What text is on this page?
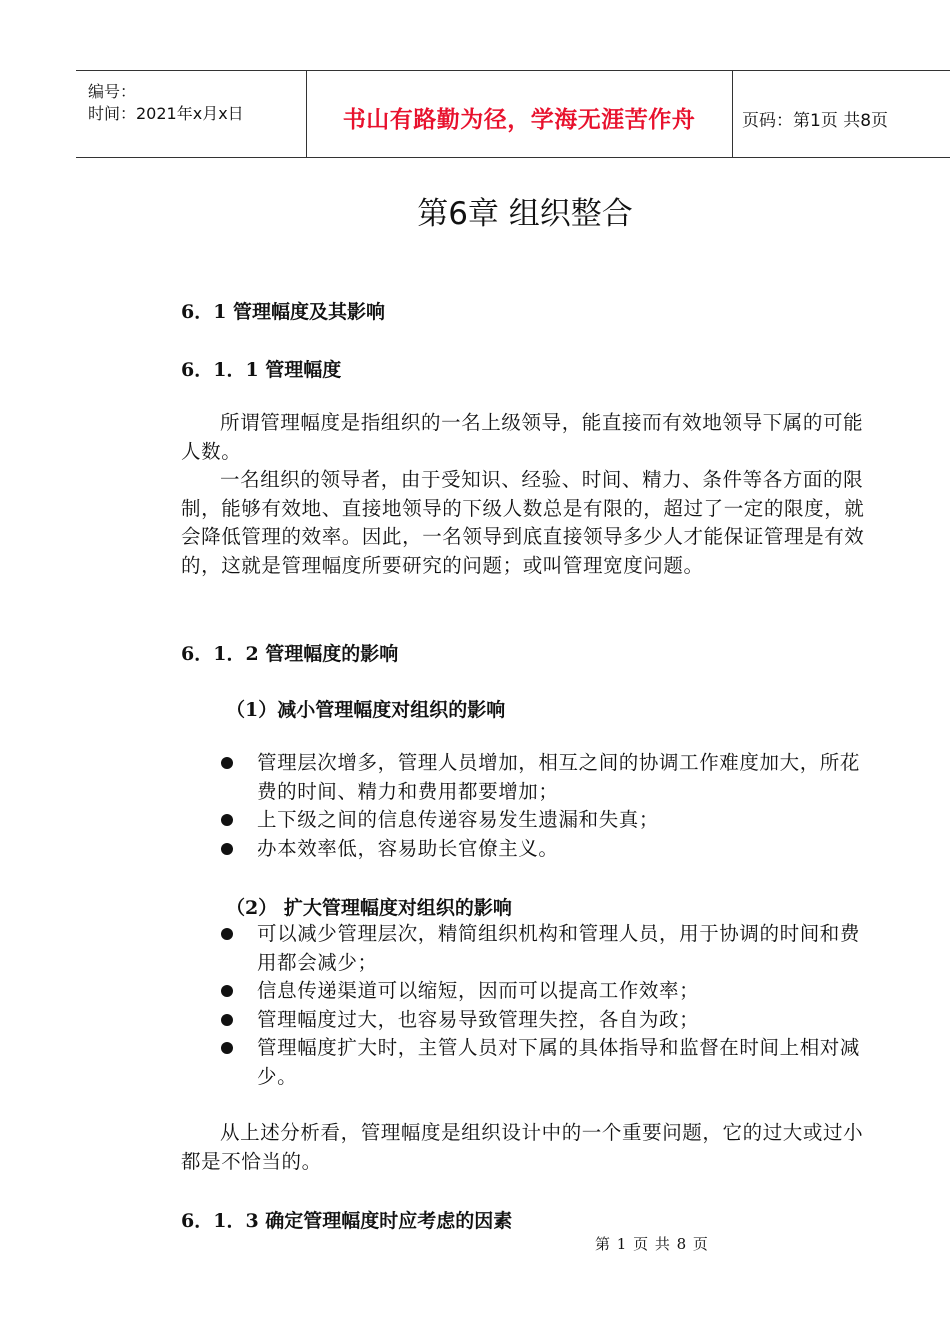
编号：
时间：2021年x月x日	书山有路勤为径，学海无涯苦作舟	页码：第1页 共8页
第6章 组织整合
6．1 管理幅度及其影响
6．1．1 管理幅度
所谓管理幅度是指组织的一名上级领导，能直接而有效地领导下属的可能人数。
一名组织的领导者，由于受知识、经验、时间、精力、条件等各方面的限制，能够有效地、直接地领导的下级人数总是有限的，超过了一定的限度，就会降低管理的效率。因此，一名领导到底直接领导多少人才能保证管理是有效的，这就是管理幅度所要研究的问题；或叫管理宽度问题。
6．1．2 管理幅度的影响
（1）减小管理幅度对组织的影响
管理层次增多，管理人员增加，相互之间的协调工作难度加大，所花费的时间、精力和费用都要增加；
上下级之间的信息传递容易发生遗漏和失真；
办本效率低，容易助长官僚主义。
（2） 扩大管理幅度对组织的影响
可以减少管理层次，精简组织机构和管理人员，用于协调的时间和费用都会减少；
信息传递渠道可以缩短，因而可以提高工作效率；
管理幅度过大，也容易导致管理失控，各自为政；
管理幅度扩大时，主管人员对下属的具体指导和监督在时间上相对减少。
从上述分析看，管理幅度是组织设计中的一个重要问题，它的过大或过小都是不恰当的。
6．1．3 确定管理幅度时应考虑的因素
第 1 页 共 8 页
